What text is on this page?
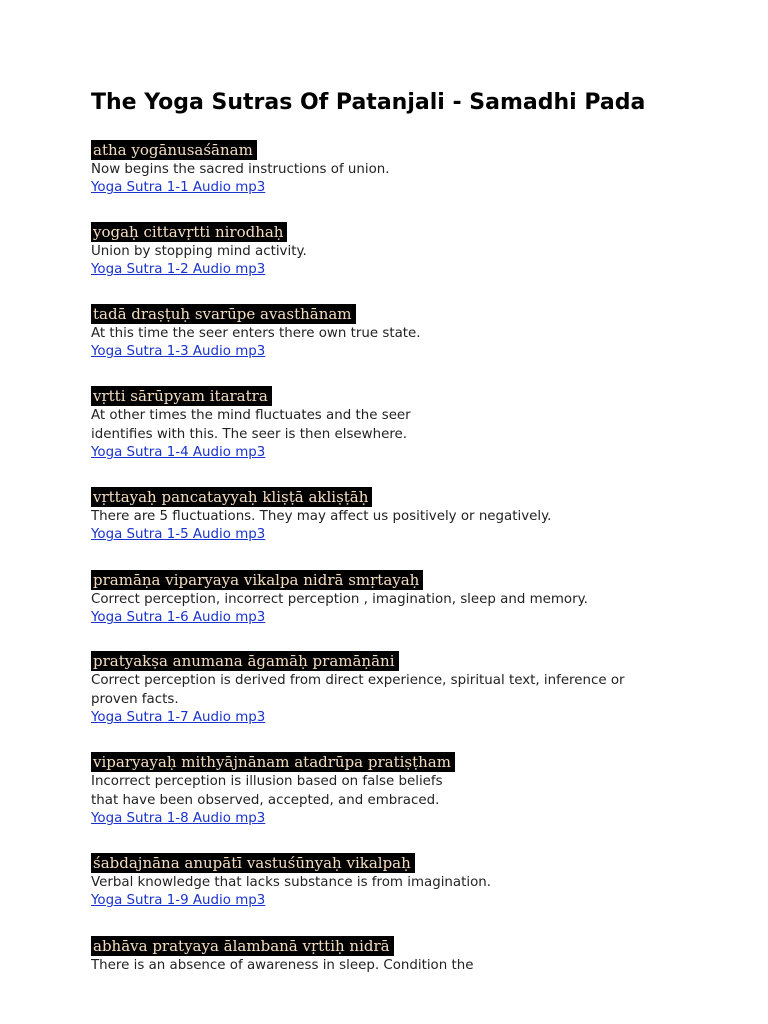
The Yoga Sutras Of Patanjali - Samadhi Pada
atha yogānusaśānam

Now begins the sacred instructions of union.

Yoga Sutra 1-1 Audio mp3
yogaḥ cittavṛtti nirodhaḥ

Union by stopping mind activity.

Yoga Sutra 1-2 Audio mp3
tadā draṣṭuḥ svarūpe avasthānam

At this time the seer enters there own true state.

Yoga Sutra 1-3 Audio mp3
vṛtti sārūpyam itaratra

At other times the mind fluctuates and the seer
identifies with this. The seer is then elsewhere.

Yoga Sutra 1-4 Audio mp3
vṛttayaḥ pancatayyaḥ kliṣṭā akliṣṭāḥ

There are 5 fluctuations. They may affect us positively or negatively.

Yoga Sutra 1-5 Audio mp3
pramāṇa viparyaya vikalpa nidrā smṛtayaḥ

Correct perception, incorrect perception , imagination, sleep and memory.

Yoga Sutra 1-6 Audio mp3
pratyakṣa anumana āgamāḥ pramāṇāni

Correct perception is derived from direct experience, spiritual text, inference or
proven facts.

Yoga Sutra 1-7 Audio mp3
viparyayaḥ mithyājnānam atadrūpa pratiṣṭham

Incorrect perception is illusion based on false beliefs
that have been observed, accepted, and embraced.

Yoga Sutra 1-8 Audio mp3
śabdajnāna anupātī vastuśūnyaḥ vikalpaḥ

Verbal knowledge that lacks substance is from imagination.

Yoga Sutra 1-9 Audio mp3
abhāva pratyaya ālambanā vṛttiḥ nidrā

There is an absence of awareness in sleep. Condition the
